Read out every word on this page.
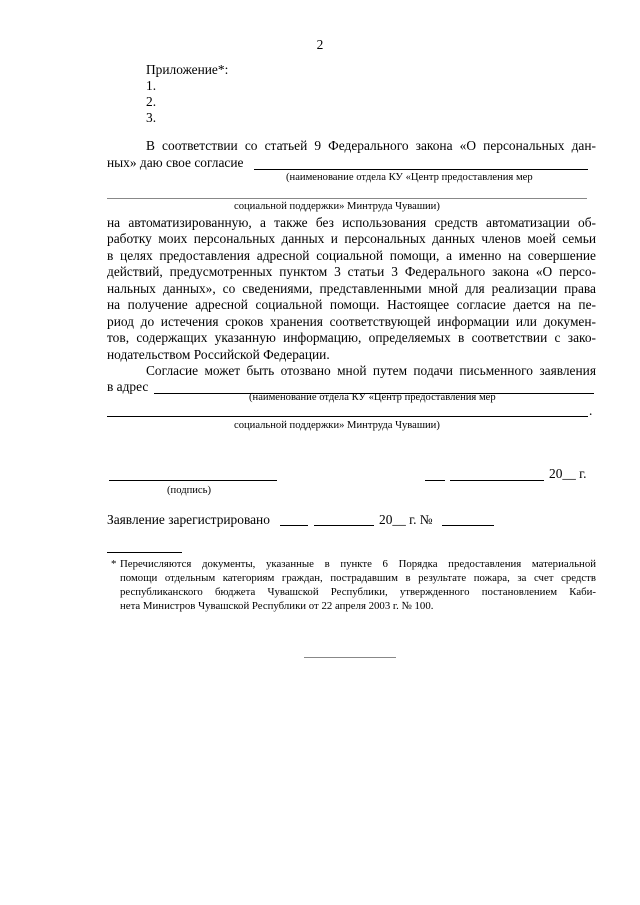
2
Приложение*:
1.
2.
3.
В соответствии со статьей 9 Федерального закона «О персональных дан-
ных» даю свое согласие
(наименование отдела КУ «Центр предоставления мер
социальной поддержки» Минтруда Чувашии)
на автоматизированную, а также без использования средств автоматизации об-
работку моих персональных данных и персональных данных членов моей семьи
в целях предоставления адресной социальной помощи, а именно на совершение
действий, предусмотренных пунктом 3 статьи 3 Федерального закона «О персо-
нальных данных», со сведениями, представленными мной для реализации права
на получение адресной социальной помощи. Настоящее согласие дается на пе-
риод до истечения сроков хранения соответствующей информации или докумен-
тов, содержащих указанную информацию, определяемых в соответствии с зако-
нодательством Российской Федерации.
Согласие может быть отозвано мной путем подачи письменного заявления
в адрес
(наименование отдела КУ «Центр предоставления мер
.
социальной поддержки» Минтруда Чувашии)
(подпись)
20__ г.
Заявление зарегистрировано	20__ г. №
* Перечисляются документы, указанные в пункте 6 Порядка предоставления материальной
помощи отдельным категориям граждан, пострадавшим в результате пожара, за счет средств
республиканского бюджета Чувашской Республики, утвержденного постановлением Каби-
нета Министров Чувашской Республики от 22 апреля 2003 г. № 100.
